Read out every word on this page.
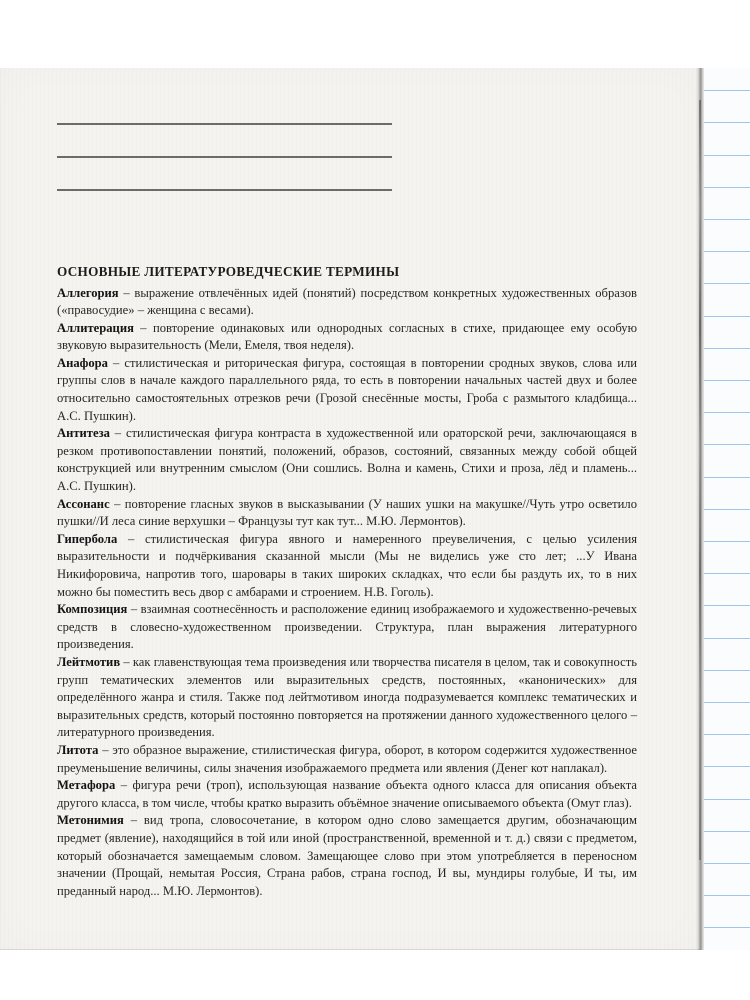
ОСНОВНЫЕ ЛИТЕРАТУРОВЕДЧЕСКИЕ ТЕРМИНЫ

Аллегория – выражение отвлечённых идей (понятий) посредством конкретных художественных образов («правосудие» – женщина с весами).

Аллитерация – повторение одинаковых или однородных согласных в стихе, придающее ему особую звуковую выразительность (Мели, Емеля, твоя неделя).

Анафора – стилистическая и риторическая фигура, состоящая в повторении сродных звуков, слова или группы слов в начале каждого параллельного ряда, то есть в повторении начальных частей двух и более относительно самостоятельных отрезков речи (Грозой снесённые мосты, Гроба с размытого кладбища... А.С. Пушкин).

Антитеза – стилистическая фигура контраста в художественной или ораторской речи, заключающаяся в резком противопоставлении понятий, положений, образов, состояний, связанных между собой общей конструкцией или внутренним смыслом (Они сошлись. Волна и камень, Стихи и проза, лёд и пламень... А.С. Пушкин).

Ассонанс – повторение гласных звуков в высказывании (У наших ушки на макушке//Чуть утро осветило пушки//И леса синие верхушки – Французы тут как тут... М.Ю. Лермонтов).

Гипербола – стилистическая фигура явного и намеренного преувеличения, с целью усиления выразительности и подчёркивания сказанной мысли (Мы не виделись уже сто лет; ...У Ивана Никифоровича, напротив того, шаровары в таких широких складках, что если бы раздуть их, то в них можно бы поместить весь двор с амбарами и строением. Н.В. Гоголь).

Композиция – взаимная соотнесённость и расположение единиц изображаемого и художественно-речевых средств в словесно-художественном произведении. Структура, план выражения литературного произведения.

Лейтмотив – как главенствующая тема произведения или творчества писателя в целом, так и совокупность групп тематических элементов или выразительных средств, постоянных, «канонических» для определённого жанра и стиля. Также под лейтмотивом иногда подразумевается комплекс тематических и выразительных средств, который постоянно повторяется на протяжении данного художественного целого – литературного произведения.

Литота – это образное выражение, стилистическая фигура, оборот, в котором содержится художественное преуменьшение величины, силы значения изображаемого предмета или явления (Денег кот наплакал).

Метафора – фигура речи (троп), использующая название объекта одного класса для описания объекта другого класса, в том числе, чтобы кратко выразить объёмное значение описываемого объекта (Омут глаз).

Метонимия – вид тропа, словосочетание, в котором одно слово замещается другим, обозначающим предмет (явление), находящийся в той или иной (пространственной, временной и т. д.) связи с предметом, который обозначается замещаемым словом. Замещающее слово при этом употребляется в переносном значении (Прощай, немытая Россия, Страна рабов, страна господ, И вы, мундиры голубые, И ты, им преданный народ... М.Ю. Лермонтов).
